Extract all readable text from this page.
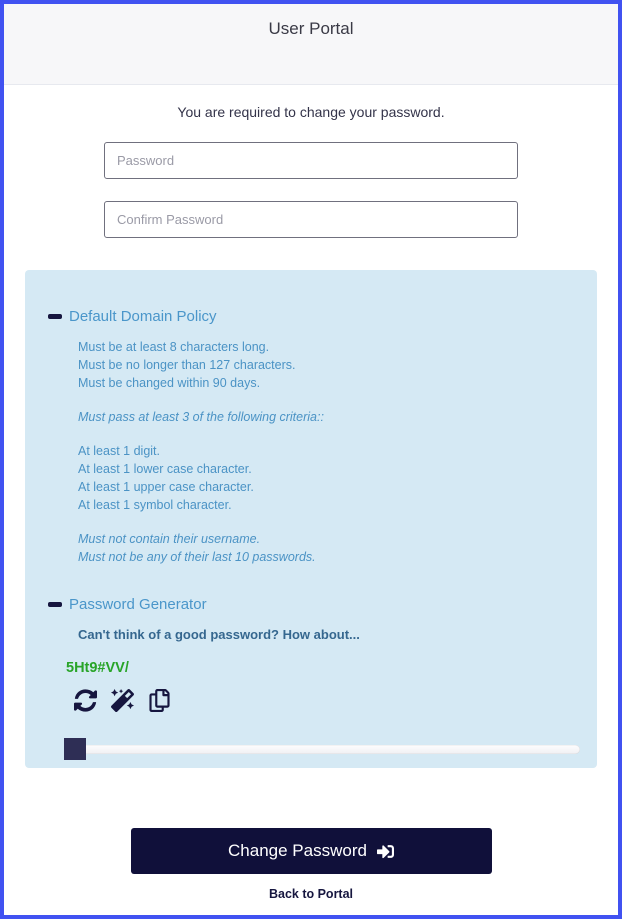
User Portal

You are required to change your password.

Default Domain Policy
Must be at least 8 characters long.
Must be no longer than 127 characters.
Must be changed within 90 days.
Must pass at least 3 of the following criteria::
At least 1 digit.
At least 1 lower case character.
At least 1 upper case character.
At least 1 symbol character.
Must not contain their username.
Must not be any of their last 10 passwords.
Password Generator

Can't think of a good password? How about...

5Ht9#VV/
Change Password
Back to Portal
